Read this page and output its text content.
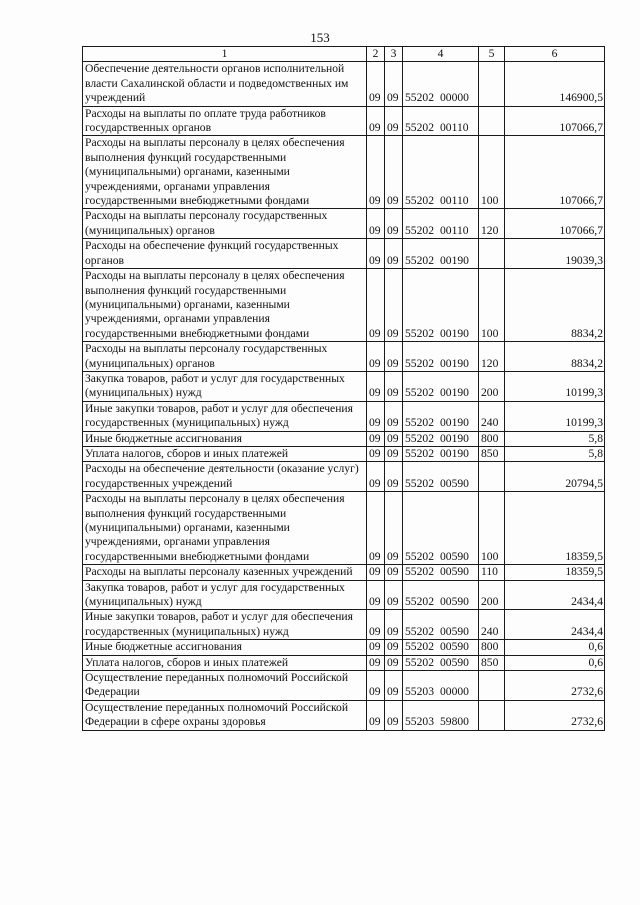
153
1	2	3	4	5	6
Обеспечение деятельности органов исполнительной власти Сахалинской области и подведомственных им учреждений	09	09	55202 00000		146900,5
Расходы на выплаты по оплате труда работников государственных органов	09	09	55202 00110		107066,7
Расходы на выплаты персоналу в целях обеспечения выполнения функций государственными (муниципальными) органами, казенными учреждениями, органами управления государственными внебюджетными фондами	09	09	55202 00110	100	107066,7
Расходы на выплаты персоналу государственных (муниципальных) органов	09	09	55202 00110	120	107066,7
Расходы на обеспечение функций государственных органов	09	09	55202 00190		19039,3
Расходы на выплаты персоналу в целях обеспечения выполнения функций государственными (муниципальными) органами, казенными учреждениями, органами управления государственными внебюджетными фондами	09	09	55202 00190	100	8834,2
Расходы на выплаты персоналу государственных (муниципальных) органов	09	09	55202 00190	120	8834,2
Закупка товаров, работ и услуг для государственных (муниципальных) нужд	09	09	55202 00190	200	10199,3
Иные закупки товаров, работ и услуг для обеспечения государственных (муниципальных) нужд	09	09	55202 00190	240	10199,3
Иные бюджетные ассигнования	09	09	55202 00190	800	5,8
Уплата налогов, сборов и иных платежей	09	09	55202 00190	850	5,8
Расходы на обеспечение деятельности (оказание услуг) государственных учреждений	09	09	55202 00590		20794,5
Расходы на выплаты персоналу в целях обеспечения выполнения функций государственными (муниципальными) органами, казенными учреждениями, органами управления государственными внебюджетными фондами	09	09	55202 00590	100	18359,5
Расходы на выплаты персоналу казенных учреждений	09	09	55202 00590	110	18359,5
Закупка товаров, работ и услуг для государственных (муниципальных) нужд	09	09	55202 00590	200	2434,4
Иные закупки товаров, работ и услуг для обеспечения государственных (муниципальных) нужд	09	09	55202 00590	240	2434,4
Иные бюджетные ассигнования	09	09	55202 00590	800	0,6
Уплата налогов, сборов и иных платежей	09	09	55202 00590	850	0,6
Осуществление переданных полномочий Российской Федерации	09	09	55203 00000		2732,6
Осуществление переданных полномочий Российской Федерации в сфере охраны здоровья	09	09	55203 59800		2732,6
